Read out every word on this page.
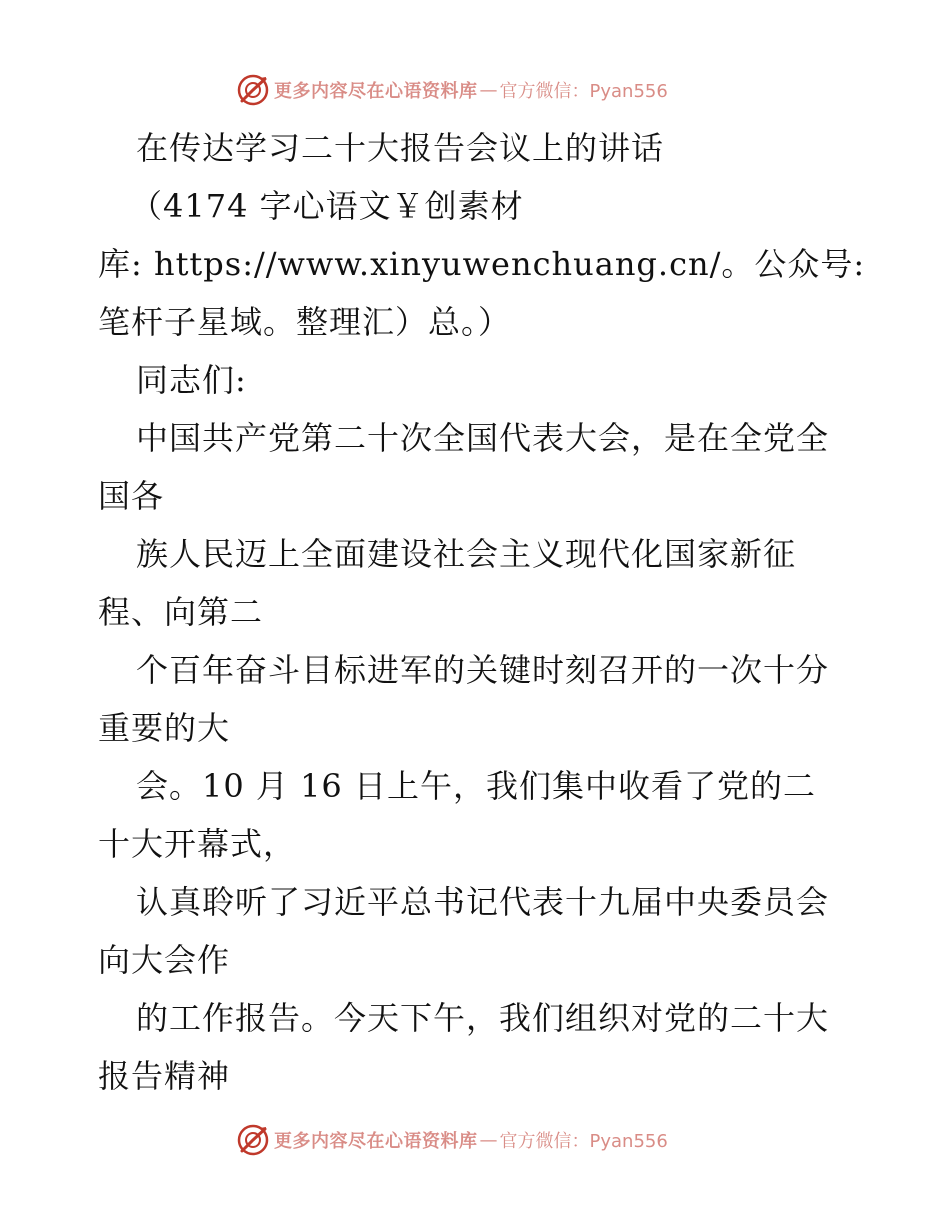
更多内容尽在心语资料库 — 官方微信：Pyan556
在传达学习二十大报告会议上的讲话
（4174 字心语文￥创素材
库: https://www.xinyuwenchuang.cn/。公众号:
笔杆子星域。整理汇）总。）
同志们:
中国共产党第二十次全国代表大会，是在全党全
国各
族人民迈上全面建设社会主义现代化国家新征
程、向第二
个百年奋斗目标进军的关键时刻召开的一次十分
重要的大
会。10 月 16 日上午，我们集中收看了党的二
十大开幕式，
认真聆听了习近平总书记代表十九届中央委员会
向大会作
的工作报告。今天下午，我们组织对党的二十大
报告精神
更多内容尽在心语资料库 — 官方微信：Pyan556
